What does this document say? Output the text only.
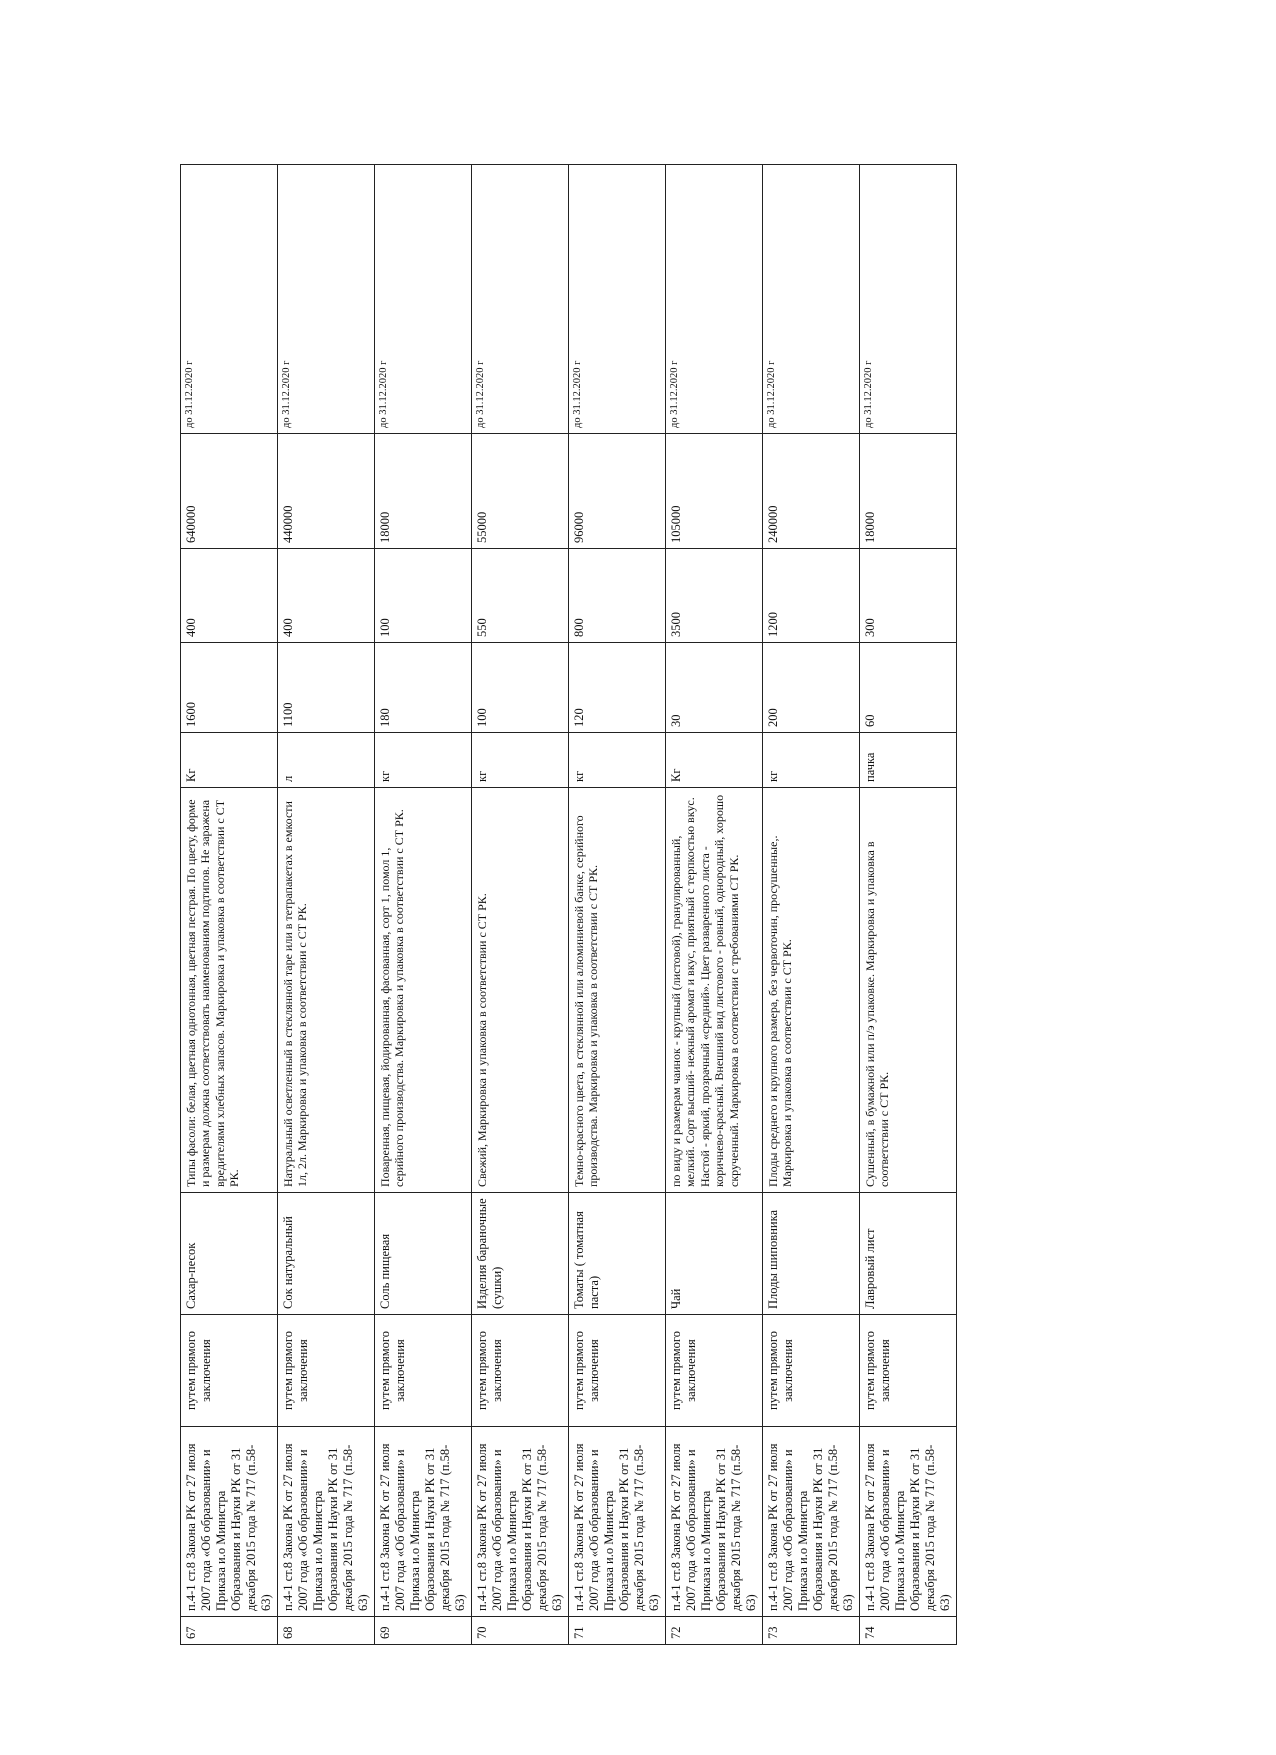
67	п.4-1 ст.8 Закона РК от 27 июля 2007 года «Об образовании» и Приказа и.о Министра Образования и Науки РК от 31 декабря 2015 года № 717 (п.58-63)	путем прямого заключения	Сахар-песок	Типы фасоли: белая, цветная однотонная, цветная пестрая. По цвету, форме и размерам должна соответствовать наименованиям подтипов. Не заражена вредителями хлебных запасов. Маркировка и упаковка в соответствии с СТ РК.	Кг	1600	400	640000	до 31.12.2020 г
68	п.4-1 ст.8 Закона РК от 27 июля 2007 года «Об образовании» и Приказа и.о Министра Образования и Науки РК от 31 декабря 2015 года № 717 (п.58-63)	путем прямого заключения	Сок натуральный	Натуральный осветленный в стеклянной таре или в тетрапакетах в емкости 1л, 2л. Маркировка и упаковка в соответствии с СТ РК.	л	1100	400	440000	до 31.12.2020 г
69	п.4-1 ст.8 Закона РК от 27 июля 2007 года «Об образовании» и Приказа и.о Министра Образования и Науки РК от 31 декабря 2015 года № 717 (п.58-63)	путем прямого заключения	Соль пищевая	Поваренная, пищевая, йодированная, фасованная, сорт 1, помол 1, серийного производства. Маркировка и упаковка в соответствии с СТ РК.	кг	180	100	18000	до 31.12.2020 г
70	п.4-1 ст.8 Закона РК от 27 июля 2007 года «Об образовании» и Приказа и.о Министра Образования и Науки РК от 31 декабря 2015 года № 717 (п.58-63)	путем прямого заключения	Изделия бараночные (сушки)	Свежий, Маркировка и упаковка в соответствии с СТ РК.	кг	100	550	55000	до 31.12.2020 г
71	п.4-1 ст.8 Закона РК от 27 июля 2007 года «Об образовании» и Приказа и.о Министра Образования и Науки РК от 31 декабря 2015 года № 717 (п.58-63)	путем прямого заключения	Томаты ( томатная паста)	Темно-красного цвета, в стеклянной или алюминиевой банке, серийного производства. Маркировка и упаковка в соответствии с СТ РК.	кг	120	800	96000	до 31.12.2020 г
72	п.4-1 ст.8 Закона РК от 27 июля 2007 года «Об образовании» и Приказа и.о Министра Образования и Науки РК от 31 декабря 2015 года № 717 (п.58-63)	путем прямого заключения	Чай	по виду и размерам чаинок - крупный (листовой), гранулированный, мелкий. Сорт высший- нежный аромат и вкус, приятный с терпкостью вкус. Настой - яркий, прозрачный «средний». Цвет разваренного листа - коричнево-красный. Внешний вид листового - ровный, однородный, хорошо скрученный. Маркировка в соответствии с требованиями СТ РК.	Кг	30	3500	105000	до 31.12.2020 г
73	п.4-1 ст.8 Закона РК от 27 июля 2007 года «Об образовании» и Приказа и.о Министра Образования и Науки РК от 31 декабря 2015 года № 717 (п.58-63)	путем прямого заключения	Плоды шиповника	Плоды среднего и крупного размера, без червоточин, просушенные,. Маркировка и упаковка в соответствии с СТ РК.	кг	200	1200	240000	до 31.12.2020 г
74	п.4-1 ст.8 Закона РК от 27 июля 2007 года «Об образовании» и Приказа и.о Министра Образования и Науки РК от 31 декабря 2015 года № 717 (п.58-63)	путем прямого заключения	Лавровый лист	Сушенный, в бумажной или п/э упаковке. Маркировка и упаковка в соответствии с СТ РК.	пачка	60	300	18000	до 31.12.2020 г
